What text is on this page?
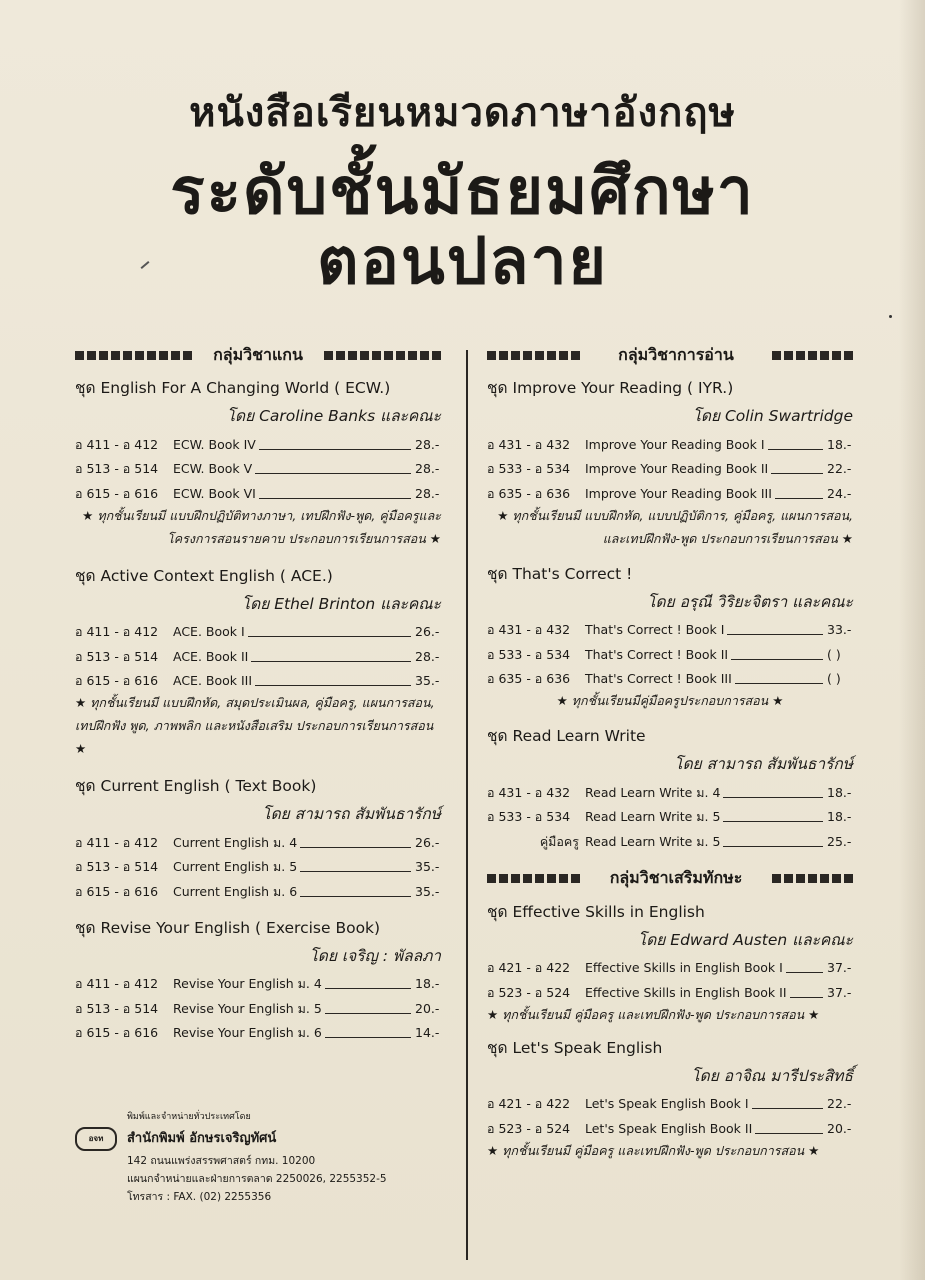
หนังสือเรียนหมวดภาษาอังกฤษ
ระดับชั้นมัธยมศึกษา
ตอนปลาย
กลุ่มวิชาแกน
ชุด English For A Changing World ( ECW.)
โดย Caroline Banks และคณะ
อ 411 - อ 412	ECW. Book IV	28.-
อ 513 - อ 514	ECW. Book V	28.-
อ 615 - อ 616	ECW. Book VI	28.-
★ ทุกชั้นเรียนมี แบบฝึกปฏิบัติทางภาษา, เทปฝึกฟัง-พูด, คู่มือครูและโครงการสอนรายคาบ ประกอบการเรียนการสอน ★
ชุด Active Context English ( ACE.)
โดย Ethel Brinton และคณะ
อ 411 - อ 412	ACE. Book I	26.-
อ 513 - อ 514	ACE. Book II	28.-
อ 615 - อ 616	ACE. Book III	35.-
★ ทุกชั้นเรียนมี แบบฝึกหัด, สมุดประเมินผล, คู่มือครู, แผนการสอน, เทปฝึกฟัง พูด, ภาพพลิก และหนังสือเสริม ประกอบการเรียนการสอน ★
ชุด Current English ( Text Book)
โดย สามารถ สัมพันธารักษ์
อ 411 - อ 412	Current English ม. 4	26.-
อ 513 - อ 514	Current English ม. 5	35.-
อ 615 - อ 616	Current English ม. 6	35.-
ชุด Revise Your English ( Exercise Book)
โดย เจริญ : พัลลภา
อ 411 - อ 412	Revise Your English ม. 4	18.-
อ 513 - อ 514	Revise Your English ม. 5	20.-
อ 615 - อ 616	Revise Your English ม. 6	14.-
กลุ่มวิชาการอ่าน
ชุด Improve Your Reading ( IYR.)
โดย Colin Swartridge
อ 431 - อ 432	Improve Your Reading Book I	18.-
อ 533 - อ 534	Improve Your Reading Book II	22.-
อ 635 - อ 636	Improve Your Reading Book III	24.-
★ ทุกชั้นเรียนมี แบบฝึกหัด, แบบปฏิบัติการ, คู่มือครู, แผนการสอน, และเทปฝึกฟัง-พูด ประกอบการเรียนการสอน ★
ชุด That's Correct !
โดย อรุณี วิริยะจิตรา และคณะ
อ 431 - อ 432	That's Correct ! Book I	33.-
อ 533 - อ 534	That's Correct ! Book II	( )
อ 635 - อ 636	That's Correct ! Book III	( )
★ ทุกชั้นเรียนมีคู่มือครูประกอบการสอน ★
ชุด Read Learn Write
โดย สามารถ สัมพันธารักษ์
อ 431 - อ 432	Read Learn Write ม. 4	18.-
อ 533 - อ 534	Read Learn Write ม. 5	18.-
คู่มือครู Read Learn Write ม. 5	25.-
กลุ่มวิชาเสริมทักษะ
ชุด Effective Skills in English
โดย Edward Austen และคณะ
อ 421 - อ 422	Effective Skills in English Book I	37.-
อ 523 - อ 524	Effective Skills in English Book II	37.-
★ ทุกชั้นเรียนมี คู่มือครู และเทปฝึกฟัง-พูด ประกอบการสอน ★
ชุด Let's Speak English
โดย อาจิณ มารีประสิทธิ์
อ 421 - อ 422	Let's Speak English Book I	22.-
อ 523 - อ 524	Let's Speak English Book II	20.-
★ ทุกชั้นเรียนมี คู่มือครู และเทปฝึกฟัง-พูด ประกอบการสอน ★
พิมพ์และจำหน่ายทั่วประเทศโดย
อจท	สำนักพิมพ์ อักษรเจริญทัศน์
142 ถนนแพร่งสรรพศาสตร์ กทม. 10200
แผนกจำหน่ายและฝ่ายการตลาด 2250026, 2255352-5
โทรสาร : FAX. (02) 2255356
